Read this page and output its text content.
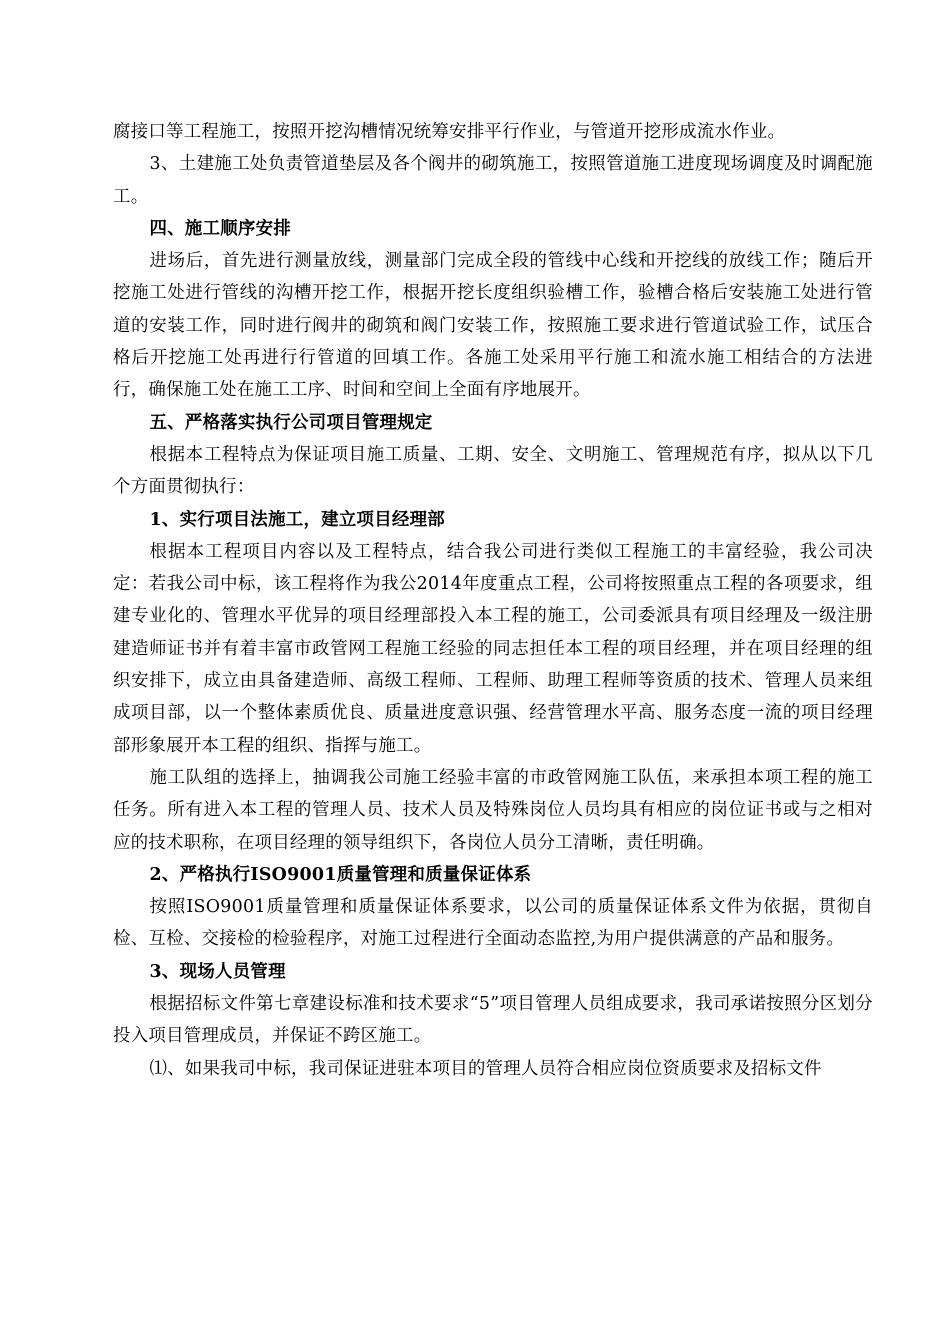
腐接口等工程施工，按照开挖沟槽情况统筹安排平行作业，与管道开挖形成流水作业。

3、土建施工处负责管道垫层及各个阀井的砌筑施工，按照管道施工进度现场调度及时调配施工。

四、施工顺序安排

进场后，首先进行测量放线，测量部门完成全段的管线中心线和开挖线的放线工作；随后开挖施工处进行管线的沟槽开挖工作，根据开挖长度组织验槽工作，验槽合格后安装施工处进行管道的安装工作，同时进行阀井的砌筑和阀门安装工作，按照施工要求进行管道试验工作，试压合格后开挖施工处再进行行管道的回填工作。各施工处采用平行施工和流水施工相结合的方法进行，确保施工处在施工工序、时间和空间上全面有序地展开。

五、严格落实执行公司项目管理规定

根据本工程特点为保证项目施工质量、工期、安全、文明施工、管理规范有序，拟从以下几个方面贯彻执行：

1、实行项目法施工，建立项目经理部

根据本工程项目内容以及工程特点，结合我公司进行类似工程施工的丰富经验，我公司决定：若我公司中标，该工程将作为我公2014年度重点工程，公司将按照重点工程的各项要求，组建专业化的、管理水平优异的项目经理部投入本工程的施工，公司委派具有项目经理及一级注册建造师证书并有着丰富市政管网工程施工经验的同志担任本工程的项目经理，并在项目经理的组织安排下，成立由具备建造师、高级工程师、工程师、助理工程师等资质的技术、管理人员来组成项目部，以一个整体素质优良、质量进度意识强、经营管理水平高、服务态度一流的项目经理部形象展开本工程的组织、指挥与施工。

施工队组的选择上，抽调我公司施工经验丰富的市政管网施工队伍，来承担本项工程的施工任务。所有进入本工程的管理人员、技术人员及特殊岗位人员均具有相应的岗位证书或与之相对应的技术职称，在项目经理的领导组织下，各岗位人员分工清晰，责任明确。

2、严格执行ISO9001质量管理和质量保证体系

按照ISO9001质量管理和质量保证体系要求，以公司的质量保证体系文件为依据，贯彻自检、互检、交接检的检验程序，对施工过程进行全面动态监控,为用户提供满意的产品和服务。

3、现场人员管理

根据招标文件第七章建设标准和技术要求“5”项目管理人员组成要求，我司承诺按照分区划分投入项目管理成员，并保证不跨区施工。

⑴、如果我司中标，我司保证进驻本项目的管理人员符合相应岗位资质要求及招标文件
